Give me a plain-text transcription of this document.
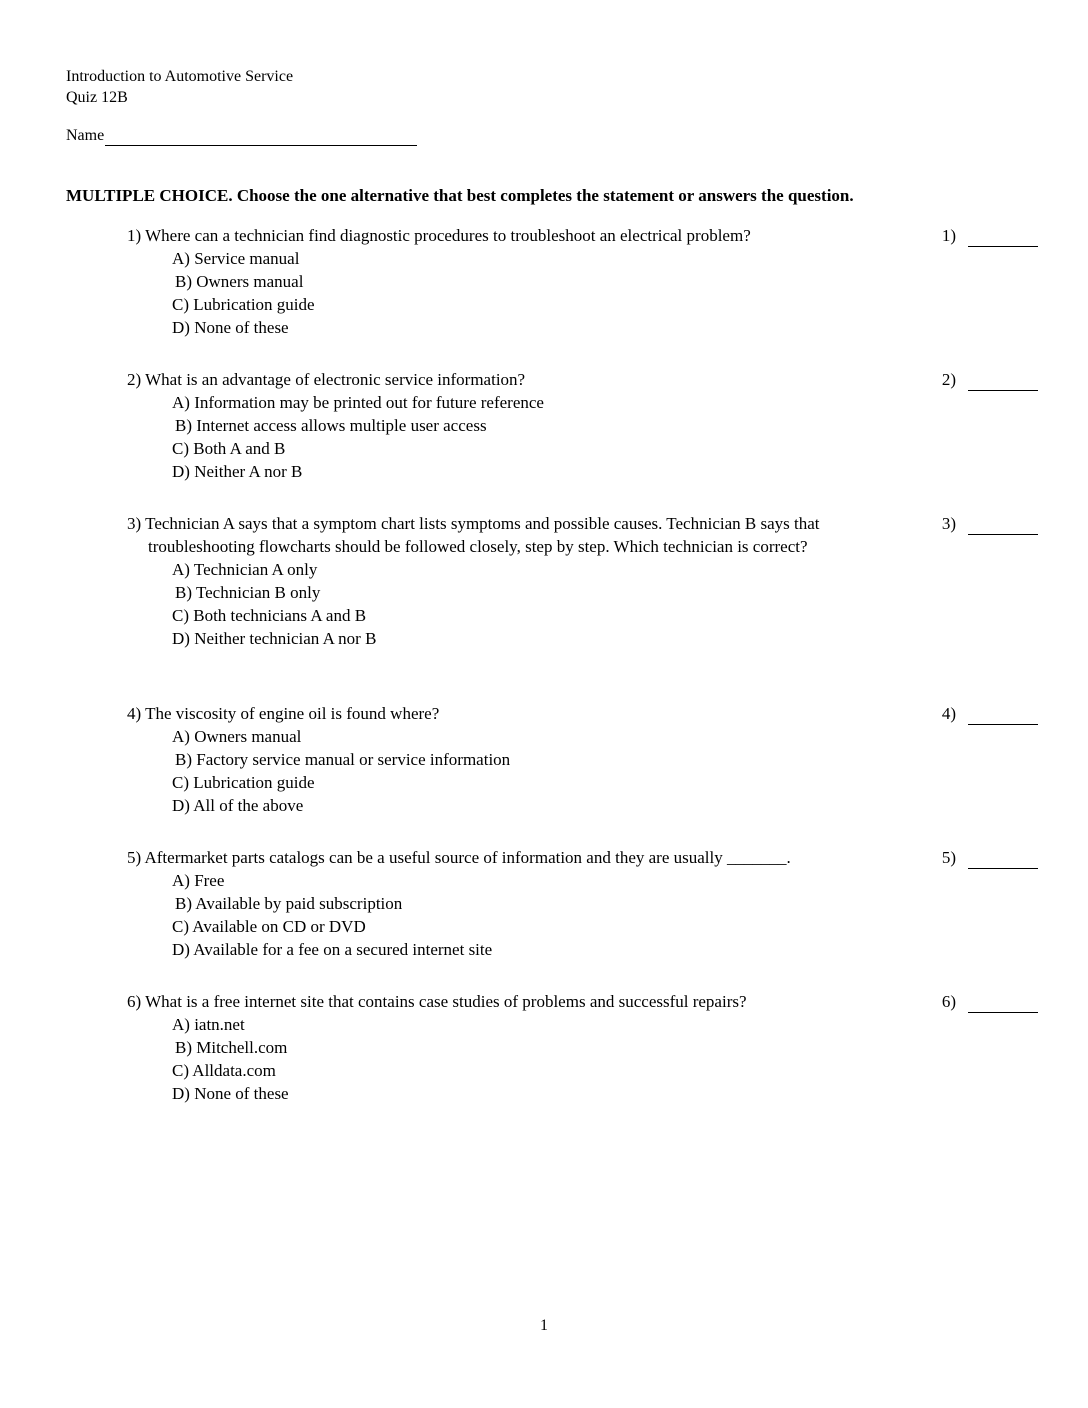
Introduction to Automotive Service
Quiz 12B
Name
MULTIPLE CHOICE. Choose the one alternative that best completes the statement or answers the question.
1) Where can a technician find diagnostic procedures to troubleshoot an electrical problem?
A) Service manual
B) Owners manual
C) Lubrication guide
D) None of these
1)
2) What is an advantage of electronic service information?
A) Information may be printed out for future reference
B) Internet access allows multiple user access
C) Both A and B
D) Neither A nor B
2)
3) Technician A says that a symptom chart lists symptoms and possible causes. Technician B says that troubleshooting flowcharts should be followed closely, step by step. Which technician is correct?
A) Technician A only
B) Technician B only
C) Both technicians A and B
D) Neither technician A nor B
3)
4) The viscosity of engine oil is found where?
A) Owners manual
B) Factory service manual or service information
C) Lubrication guide
D) All of the above
4)
5) Aftermarket parts catalogs can be a useful source of information and they are usually _______.
A) Free
B) Available by paid subscription
C) Available on CD or DVD
D) Available for a fee on a secured internet site
5)
6) What is a free internet site that contains case studies of problems and successful repairs?
A) iatn.net
B) Mitchell.com
C) Alldata.com
D) None of these
6)
1
